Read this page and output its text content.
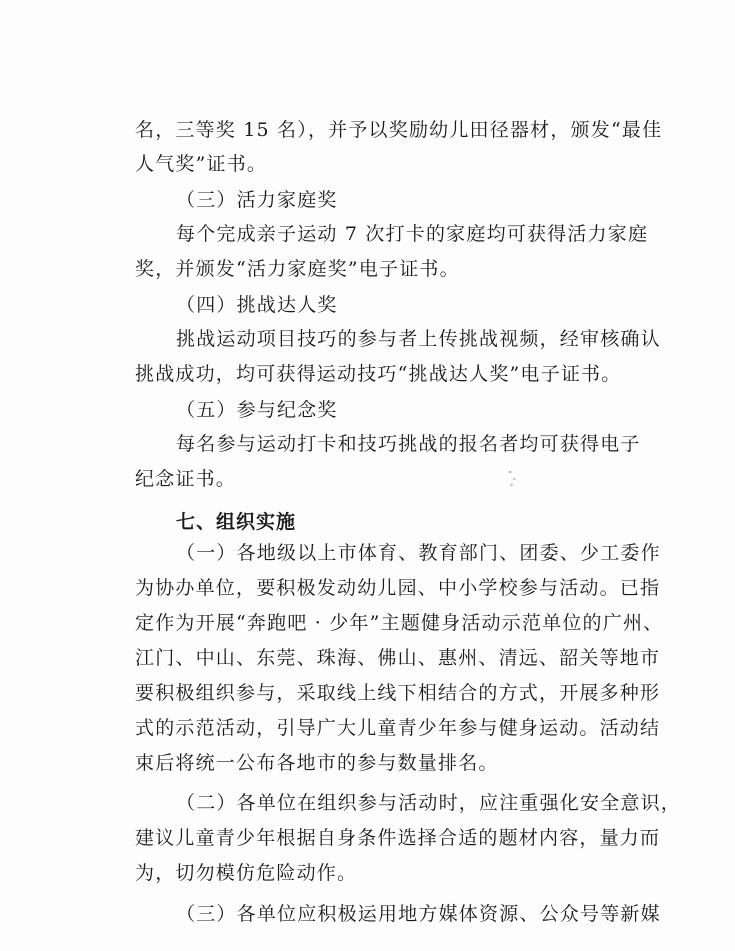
名，三等奖 15 名），并予以奖励幼儿田径器材，颁发“最佳
人气奖”证书。
（三）活力家庭奖
每个完成亲子运动 7 次打卡的家庭均可获得活力家庭
奖，并颁发“活力家庭奖”电子证书。
（四）挑战达人奖
挑战运动项目技巧的参与者上传挑战视频，经审核确认
挑战成功，均可获得运动技巧“挑战达人奖”电子证书。
（五）参与纪念奖
每名参与运动打卡和技巧挑战的报名者均可获得电子
纪念证书。
七、组织实施
（一）各地级以上市体育、教育部门、团委、少工委作
为协办单位，要积极发动幼儿园、中小学校参与活动。已指
定作为开展“奔跑吧 · 少年”主题健身活动示范单位的广州、
江门、中山、东莞、珠海、佛山、惠州、清远、韶关等地市
要积极组织参与，采取线上线下相结合的方式，开展多种形
式的示范活动，引导广大儿童青少年参与健身运动。活动结
束后将统一公布各地市的参与数量排名。
（二）各单位在组织参与活动时，应注重强化安全意识，
建议儿童青少年根据自身条件选择合适的题材内容，量力而
为，切勿模仿危险动作。
（三）各单位应积极运用地方媒体资源、公众号等新媒
